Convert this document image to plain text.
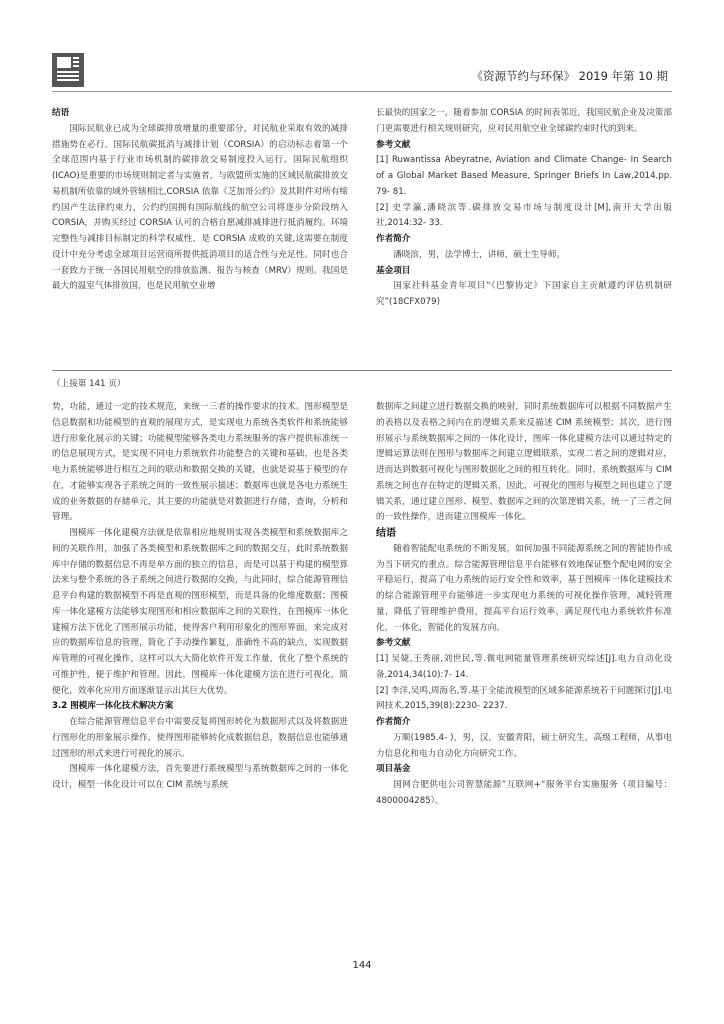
《资源节约与环保》 2019 年第 10 期

结语

国际民航业已成为全球碳排放增量的重要部分，对民航业采取有效的减排措施势在必行。国际民航碳抵消与减排计划（CORSIA）的启动标志着第一个全球范围内基于行业市场机制的碳排放交易制度投入运行。国际民航组织(ICAO)是重要的市场规则制定者与实施者，与欧盟所实施的区域民航碳排放交易机制所依靠的域外管辖相比,CORSIA 依靠《芝加哥公约》及其附件对所有缔约国产生法律约束力，公约约国拥有国际航线的航空公司将逐步分阶段纳入 CORSIA，并购买经过 CORSIA 认可的合格自愿减排减排进行抵消履约。环境完整性与减排目标制定的科学权威性，是 CORSIA 成败的关键,这需要在制度设计中充分考虑全球项目运营商所提供抵消项目的适合性与充足性。同时也合一套致力于统一各国民用航空的排放监测、报告与核查（MRV）规则。我国是最大的温室气体排放国，也是民用航空业增

长最快的国家之一，随着参加 CORSIA 的时间表邻近，我国民航企业及决策部门更需要进行相关规则研究，应对民用航空业全球碳约束时代的到来。

参考文献

[1] Ruwantissa Abeyratne, Aviation and Climate Change- In Search of a Global Market Based Measure, Springer Briefs In Law,2014,pp. 79- 81.

[2] 史学瀛,潘晓滨等.碳排放交易市场与制度设计[M],南开大学出版社,2014:32- 33.

作者简介

潘晓滨，男，法学博士，讲师，硕士生导师。

基金项目

国家社科基金青年项目“《巴黎协定》下国家自主贡献遵约评估机制研究”(18CFX079)

（上接第 141 页）

势，功能，通过一定的技术规范，来统一三者的操作要求的技术。图形模型是信息数据和功能模型的直观的展现方式，是实现电力系统各类软件和系统能够进行形象化展示的关键；功能模型能够各类电力系统服务的客户提供标准统一的信息展现方式，是实现不同电力系统软件功能整合的关键和基础，也是各类电力系统能够进行相互之间的联动和数据交换的关键，也就是说基于模型的存在，才能够实现各子系统之间的一致性展示描述；数据库也就是各电力系统生成的业务数据的存储单元，其主要的功能就是对数据进行存储，查询，分析和管理。

图模库一体化建模方法就是依靠相应地规则实现各类模型和系统数据库之间的关联作用，加强了各类模型和系统数据库之间的数据交互，此时系统数据库中存储的数据信息不再是单方面的独立的信息，而是可以基于构建的模型算法来与整个系统的各子系统之间进行数据的交换，与此同时，综合能源管理信息平台构建的数据模型不再是直观的图形模型，而是具备的化维度数据；图模库一体化建模方法能够实现图形和相应数据库之间的关联性，在图模库一体化建模方法下优化了图形展示功能，使得客户利用形象化的图形界面，来完成对应的数据库信息的管理，简化了手动操作繁复，准确性不高的缺点，实现数据库管理的可视化操作，这样可以大大简化软件开发工作量，优化了整个系统的可维护性，便于维护和管理。因此，图模库一体化建模方法在进行可视化，简便化，效率化应用方面逐渐显示出其巨大优势。

3.2 图模库一体化技术解决方案

在综合能源管理信息平台中需要反复将图形转化为数据形式以及将数据进行图形化的形象展示操作，使得图形能够转化成数据信息，数据信息也能够通过图形的形式来进行可视化的展示。

图模库一体化建模方法，首先要进行系统模型与系统数据库之间的一体化设计，模型一体化设计可以在 CIM 系统与系统

数据库之间建立进行数据交换的映射，同时系统数据库可以根据不同数据产生的表格以及表格之间内在的逻辑关系来反描述 CIM 系统模型；其次，进行图形展示与系统数据库之间的一体化设计，图库一体化建模方法可以通过特定的逻辑运算法则在图形与数据库之间建立逻辑联系，实现二者之间的逻辑对应，进而达到数据可视化与图形数据化之间的相互转化。同时，系统数据库与 CIM 系统之间也存在特定的逻辑关系，因此，可视化的图形与模型之间也建立了逻辑关系，通过建立图形、模型、数据库之间的次第逻辑关系，统一了三者之间的一致性操作，进而建立图模库一体化。

结语

随着智能配电系统的不断发展，如何加强不同能源系统之间的智能协作成为当下研究的重点。综合能源管理信息平台能够有效地保证整个配电网的安全平稳运行，提高了电力系统的运行安全性和效率，基于图模库一体化建模技术的综合能源管理平台能够进一步实现电力系统的可视化操作管理，减轻管理量，降低了管理维护费用，提高平台运行效率，满足现代电力系统软件标准化，一体化，智能化的发展方向。

参考文献

[1] 吴婕,王秀丽,刘世民,等.微电网能量管理系统研究综述[J].电力自动化设备,2014,34(10):7- 14.

[2] 李洋,吴鸣,周海名,等.基于全能流模型的区域多能源系统若干问题探讨[J].电网技术,2015,39(8):2230- 2237.

作者简介

万顺(1985.4- )，男，汉，安徽青阳，硕士研究生，高级工程师，从事电力信息化和电力自动化方向研究工作。

项目基金

国网合肥供电公司智慧能源”互联网+“服务平台实施服务（项目编号：4800004285）。

144
